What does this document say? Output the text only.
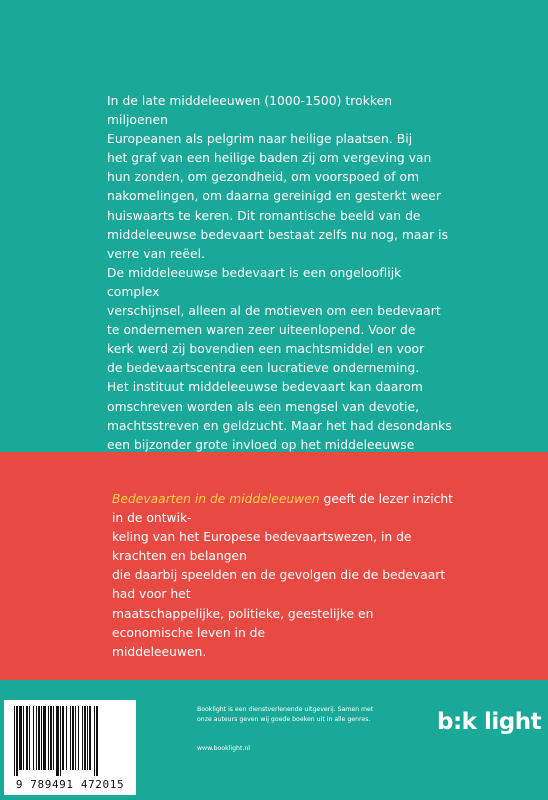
In de late middeleeuwen (1000-1500) trokken miljoenen
Europeanen als pelgrim naar heilige plaatsen. Bij
het graf van een heilige baden zij om vergeving van
hun zonden, om gezondheid, om voorspoed of om
nakomelingen, om daarna gereinigd en gesterkt weer
huiswaarts te keren. Dit romantische beeld van de
middeleeuwse bedevaart bestaat zelfs nu nog, maar is
verre van reëel.

De middeleeuwse bedevaart is een ongelooflijk complex
verschijnsel, alleen al de motieven om een bedevaart
te ondernemen waren zeer uiteenlopend. Voor de
kerk werd zij bovendien een machtsmiddel en voor
de bedevaartscentra een lucratieve onderneming.

Het instituut middeleeuwse bedevaart kan daarom
omschreven worden als een mengsel van devotie,
machtsstreven en geldzucht. Maar het had desondanks
een bijzonder grote invloed op het middeleeuwse

Bedevaarten in de middeleeuwen geeft de lezer inzicht in de ontwik-
keling van het Europese bedevaartswezen, in de krachten en belangen
die daarbij speelden en de gevolgen die de bedevaart had voor het
maatschappelijke, politieke, geestelijke en economische leven in de
middeleeuwen.
9 789491 472015
Booklight is een dienstverlenende uitgeverij. Samen met
onze auteurs geven wij goede boeken uit in alle genres.
www.booklight.nl
b:k light
